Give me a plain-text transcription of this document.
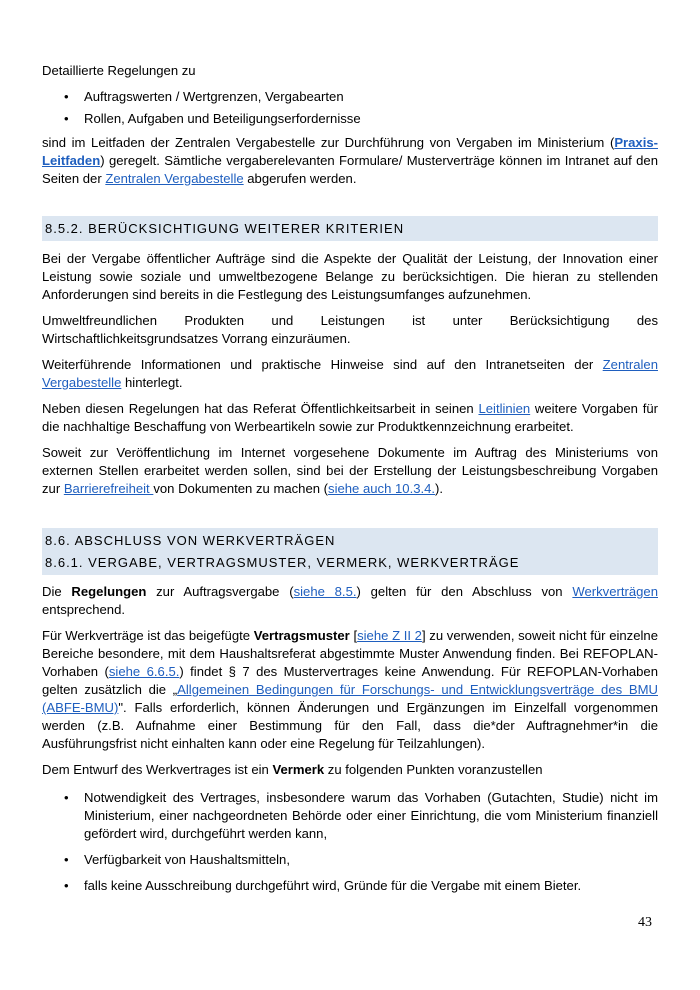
Detaillierte Regelungen zu

• Auftragswerten / Wertgrenzen, Vergabearten
• Rollen, Aufgaben und Beteiligungserfordernisse

sind im Leitfaden der Zentralen Vergabestelle zur Durchführung von Vergaben im Ministerium (Praxis-Leitfaden) geregelt. Sämtliche vergaberelevanten Formulare/ Musterverträge können im Intranet auf den Seiten der Zentralen Vergabestelle abgerufen werden.

8.5.2. BERÜCKSICHTIGUNG WEITERER KRITERIEN

Bei der Vergabe öffentlicher Aufträge sind die Aspekte der Qualität der Leistung, der Innovation einer Leistung sowie soziale und umweltbezogene Belange zu berücksichtigen. Die hieran zu stellenden Anforderungen sind bereits in die Festlegung des Leistungsumfanges aufzunehmen.

Umweltfreundlichen Produkten und Leistungen ist unter Berücksichtigung des Wirtschaftlichkeitsgrundsatzes Vorrang einzuräumen.

Weiterführende Informationen und praktische Hinweise sind auf den Intranetseiten der Zentralen Vergabestelle hinterlegt.

Neben diesen Regelungen hat das Referat Öffentlichkeitsarbeit in seinen Leitlinien weitere Vorgaben für die nachhaltige Beschaffung von Werbeartikeln sowie zur Produktkennzeichnung erarbeitet.

Soweit zur Veröffentlichung im Internet vorgesehene Dokumente im Auftrag des Ministeriums von externen Stellen erarbeitet werden sollen, sind bei der Erstellung der Leistungsbeschreibung Vorgaben zur Barrierefreiheit von Dokumenten zu machen (siehe auch 10.3.4.).

8.6. ABSCHLUSS VON WERKVERTRÄGEN
8.6.1. VERGABE, VERTRAGSMUSTER, VERMERK, WERKVERTRÄGE

Die Regelungen zur Auftragsvergabe (siehe 8.5.) gelten für den Abschluss von Werkverträgen entsprechend.

Für Werkverträge ist das beigefügte Vertragsmuster [siehe Z II 2] zu verwenden, soweit nicht für einzelne Bereiche besondere, mit dem Haushaltsreferat abgestimmte Muster Anwendung finden. Bei REFOPLAN-Vorhaben (siehe 6.6.5.) findet § 7 des Mustervertrages keine Anwendung. Für REFOPLAN-Vorhaben gelten zusätzlich die „Allgemeinen Bedingungen für Forschungs- und Entwicklungsverträge des BMU (ABFE-BMU)". Falls erforderlich, können Änderungen und Ergänzungen im Einzelfall vorgenommen werden (z.B. Aufnahme einer Bestimmung für den Fall, dass die*der Auftragnehmer*in die Ausführungsfrist nicht einhalten kann oder eine Regelung für Teilzahlungen).

Dem Entwurf des Werkvertrages ist ein Vermerk zu folgenden Punkten voranzustellen

• Notwendigkeit des Vertrages, insbesondere warum das Vorhaben (Gutachten, Studie) nicht im Ministerium, einer nachgeordneten Behörde oder einer Einrichtung, die vom Ministerium finanziell gefördert wird, durchgeführt werden kann,
• Verfügbarkeit von Haushaltsmitteln,
• falls keine Ausschreibung durchgeführt wird, Gründe für die Vergabe mit einem Bieter.
43
